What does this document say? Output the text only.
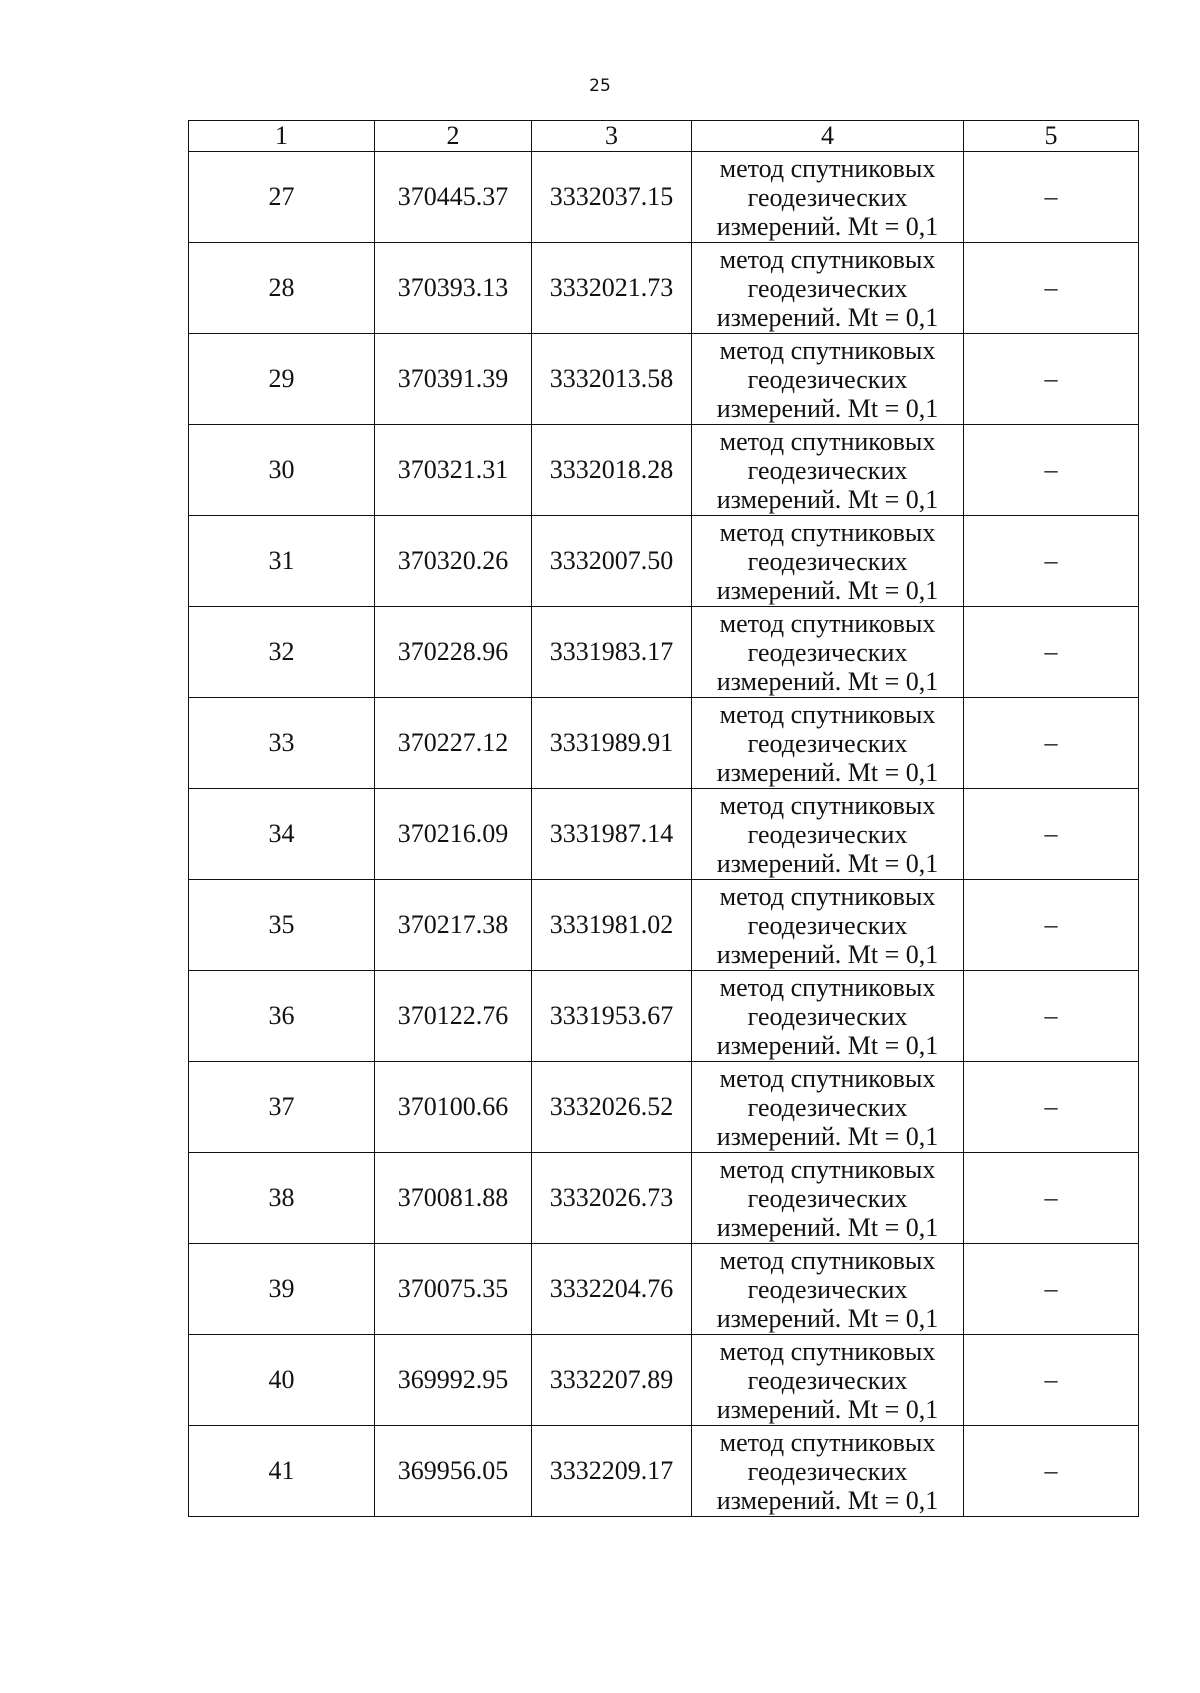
25
1	2	3	4	5
27	370445.37	3332037.15	метод спутниковых
геодезических
измерений. Mt = 0,1	–
28	370393.13	3332021.73	метод спутниковых
геодезических
измерений. Mt = 0,1	–
29	370391.39	3332013.58	метод спутниковых
геодезических
измерений. Mt = 0,1	–
30	370321.31	3332018.28	метод спутниковых
геодезических
измерений. Mt = 0,1	–
31	370320.26	3332007.50	метод спутниковых
геодезических
измерений. Mt = 0,1	–
32	370228.96	3331983.17	метод спутниковых
геодезических
измерений. Mt = 0,1	–
33	370227.12	3331989.91	метод спутниковых
геодезических
измерений. Mt = 0,1	–
34	370216.09	3331987.14	метод спутниковых
геодезических
измерений. Mt = 0,1	–
35	370217.38	3331981.02	метод спутниковых
геодезических
измерений. Mt = 0,1	–
36	370122.76	3331953.67	метод спутниковых
геодезических
измерений. Mt = 0,1	–
37	370100.66	3332026.52	метод спутниковых
геодезических
измерений. Mt = 0,1	–
38	370081.88	3332026.73	метод спутниковых
геодезических
измерений. Mt = 0,1	–
39	370075.35	3332204.76	метод спутниковых
геодезических
измерений. Mt = 0,1	–
40	369992.95	3332207.89	метод спутниковых
геодезических
измерений. Mt = 0,1	–
41	369956.05	3332209.17	метод спутниковых
геодезических
измерений. Mt = 0,1	–
